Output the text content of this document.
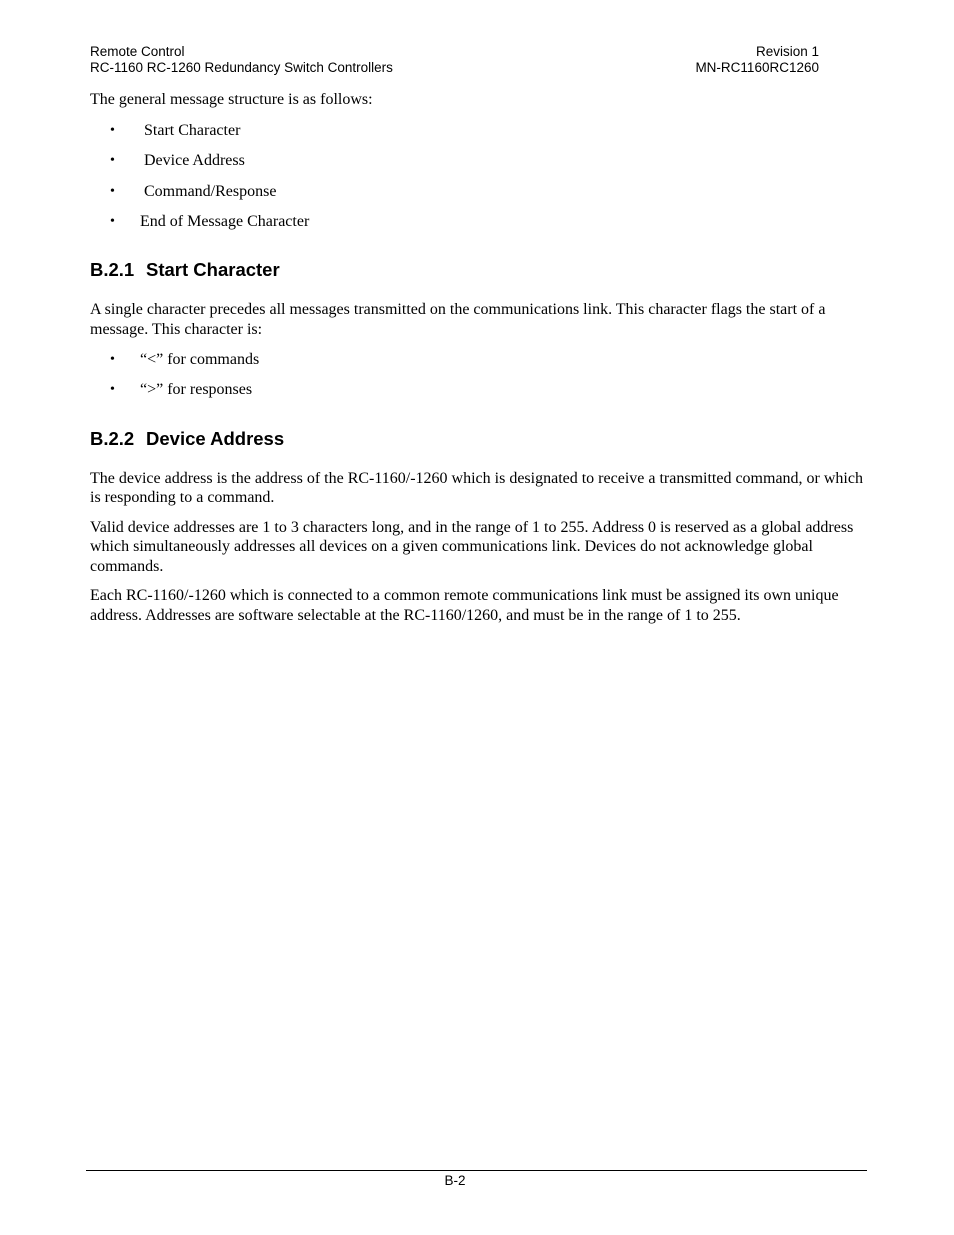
Remote Control
RC-1160 RC-1260 Redundancy Switch Controllers
Revision 1
MN-RC1160RC1260

The general message structure is as follows:

• Start Character
• Device Address
• Command/Response
• End of Message Character
B.2.1 Start Character

A single character precedes all messages transmitted on the communications link. This character flags the start of a message. This character is:

• “<” for commands
• “>” for responses
B.2.2 Device Address

The device address is the address of the RC-1160/-1260 which is designated to receive a transmitted command, or which is responding to a command.

Valid device addresses are 1 to 3 characters long, and in the range of 1 to 255. Address 0 is reserved as a global address which simultaneously addresses all devices on a given communications link. Devices do not acknowledge global commands.

Each RC-1160/-1260 which is connected to a common remote communications link must be assigned its own unique address. Addresses are software selectable at the RC-1160/1260, and must be in the range of 1 to 255.

B-2
